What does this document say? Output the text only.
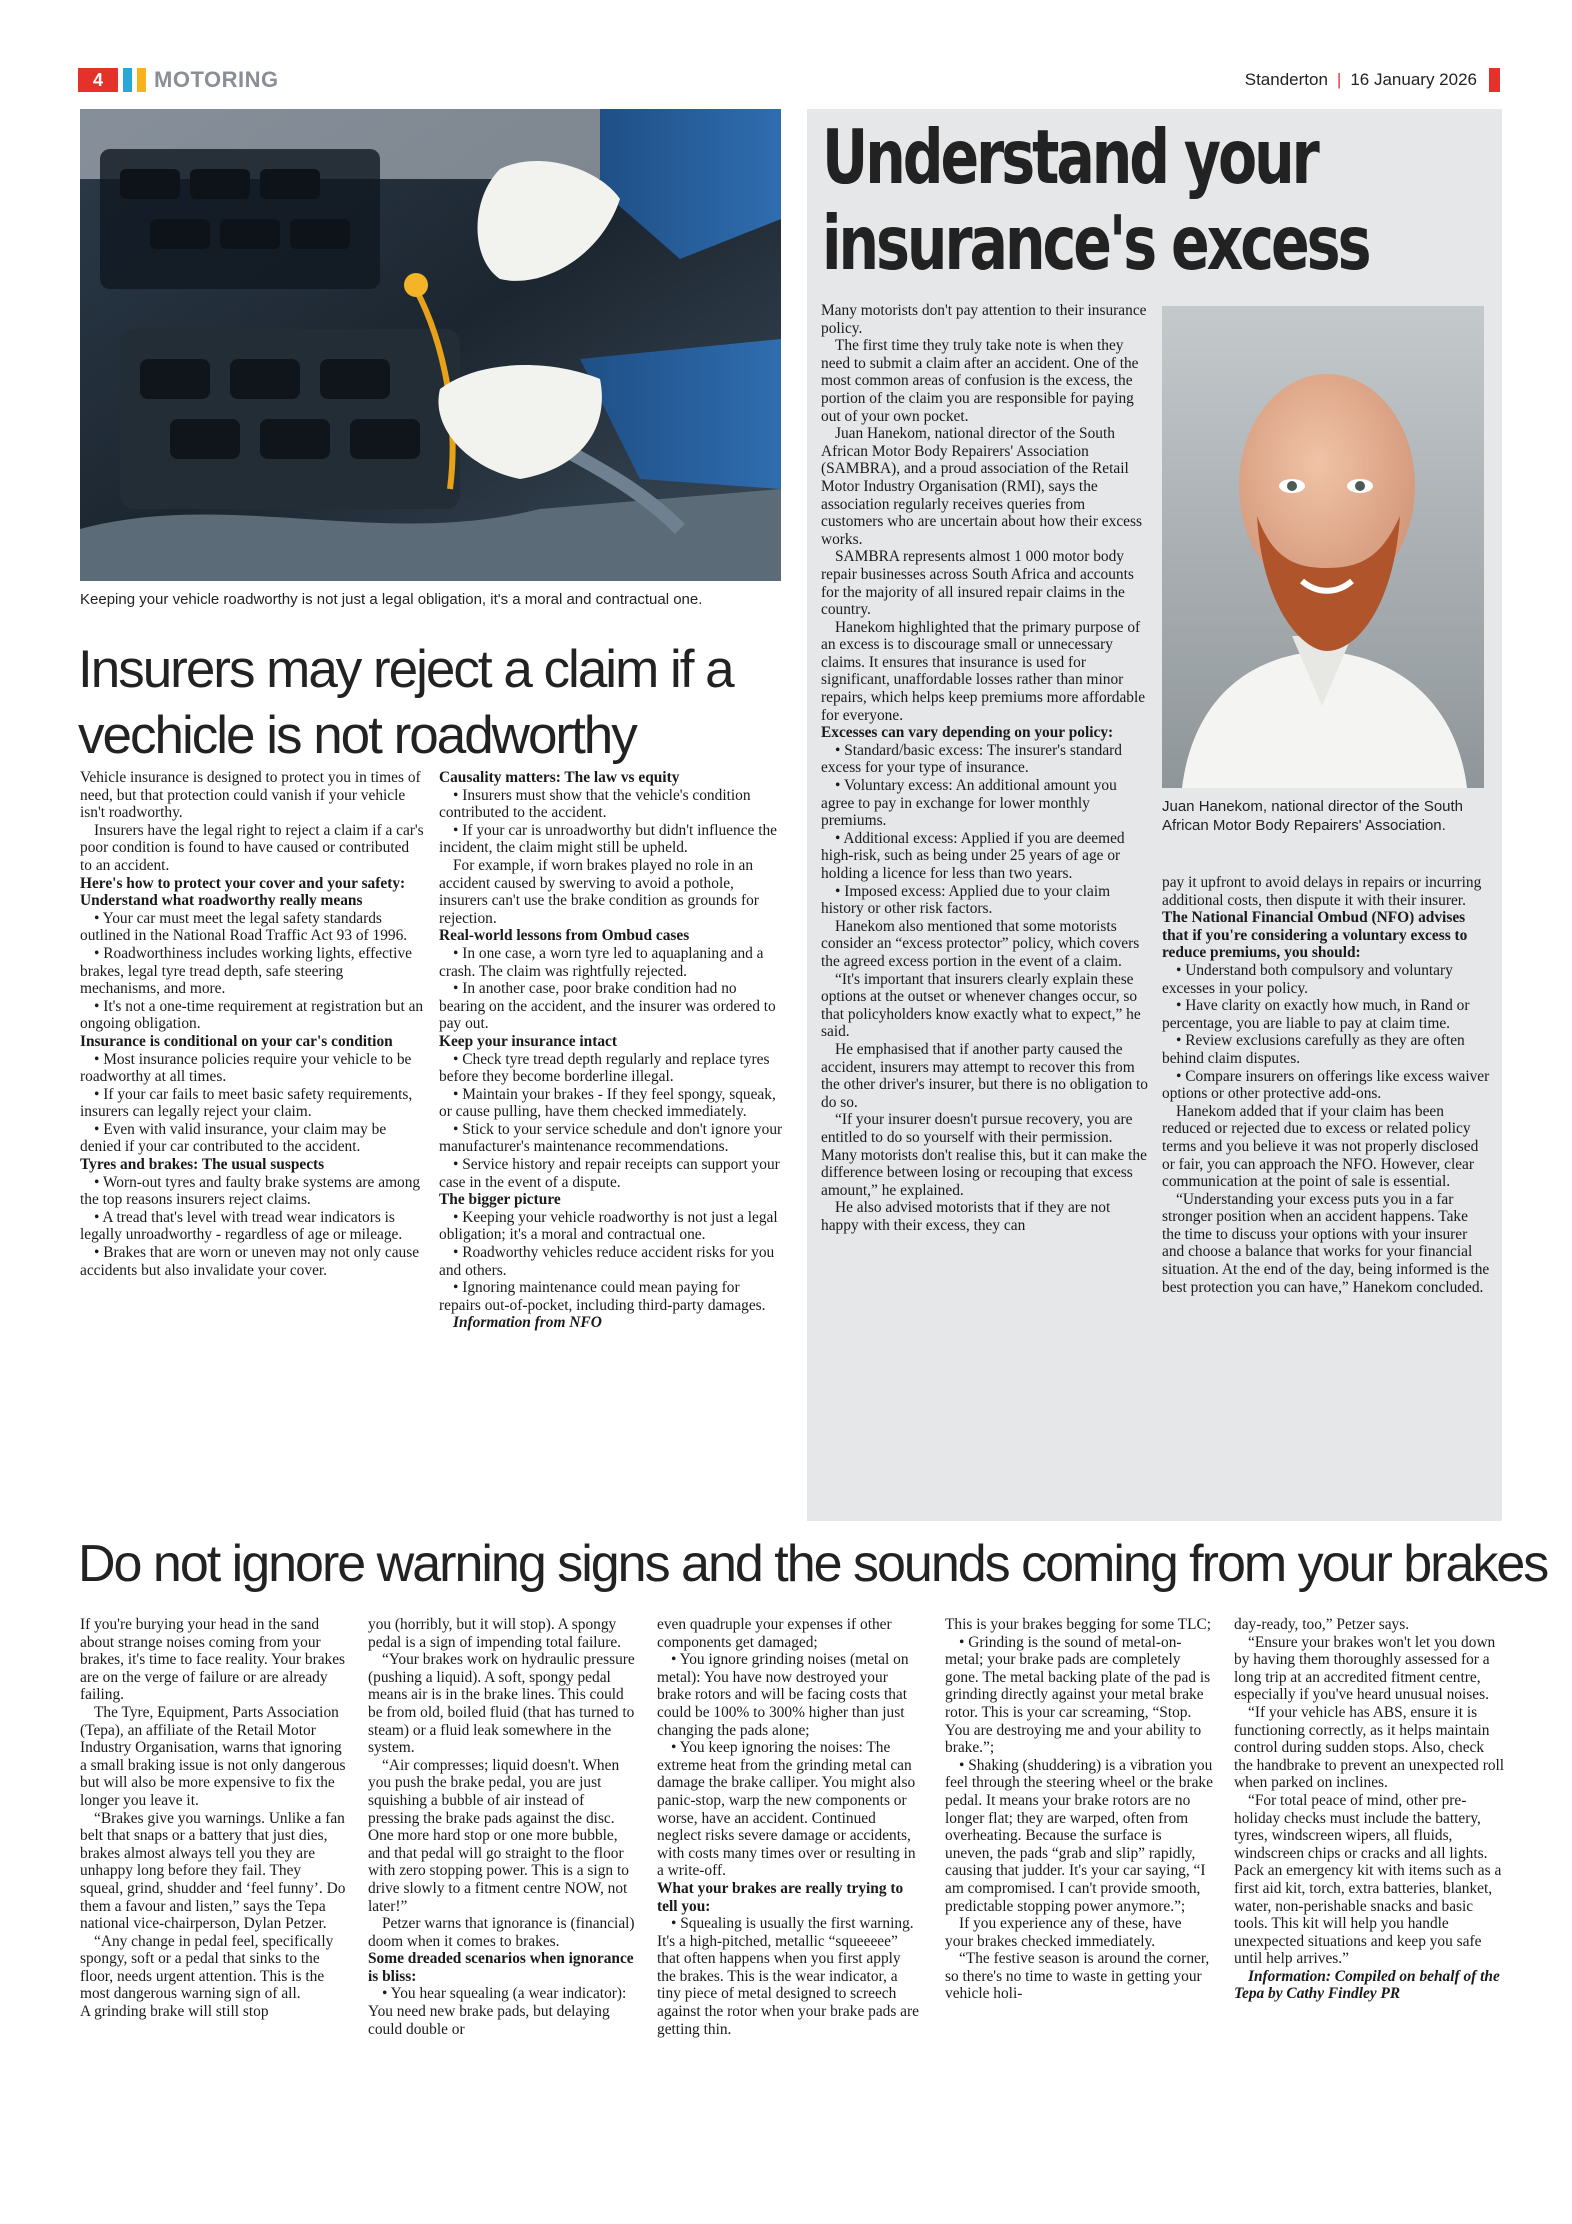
4	MOTORING	Standerton | 16 January 2026
Keeping your vehicle roadworthy is not just a legal obligation, it's a moral and contractual one.
Insurers may reject a claim if a
vechicle is not roadworthy

Vehicle insurance is designed to protect you in times of need, but that protection could vanish if your vehicle isn't roadworthy.

Insurers have the legal right to reject a claim if a car's poor condition is found to have caused or contributed to an accident.

Here's how to protect your cover and your safety:

Understand what roadworthy really means

• Your car must meet the legal safety standards outlined in the National Road Traffic Act 93 of 1996.

• Roadworthiness includes working lights, effective brakes, legal tyre tread depth, safe steering mechanisms, and more.

• It's not a one-time requirement at registration but an ongoing obligation.

Insurance is conditional on your car's condition

• Most insurance policies require your vehicle to be roadworthy at all times.

• If your car fails to meet basic safety requirements, insurers can legally reject your claim.

• Even with valid insurance, your claim may be denied if your car contributed to the accident.

Tyres and brakes: The usual suspects

• Worn-out tyres and faulty brake systems are among the top reasons insurers reject claims.

• A tread that's level with tread wear indicators is legally unroadworthy - regardless of age or mileage.

• Brakes that are worn or uneven may not only cause accidents but also invalidate your cover.

Causality matters: The law vs equity

• Insurers must show that the vehicle's condition contributed to the accident.

• If your car is unroadworthy but didn't influence the incident, the claim might still be upheld.

For example, if worn brakes played no role in an accident caused by swerving to avoid a pothole, insurers can't use the brake condition as grounds for rejection.

Real-world lessons from Ombud cases

• In one case, a worn tyre led to aquaplaning and a crash. The claim was rightfully rejected.

• In another case, poor brake condition had no bearing on the accident, and the insurer was ordered to pay out.

Keep your insurance intact

• Check tyre tread depth regularly and replace tyres before they become borderline illegal.

• Maintain your brakes - If they feel spongy, squeak, or cause pulling, have them checked immediately.

• Stick to your service schedule and don't ignore your manufacturer's maintenance recommendations.

• Service history and repair receipts can support your case in the event of a dispute.

The bigger picture

• Keeping your vehicle roadworthy is not just a legal obligation; it's a moral and contractual one.

• Roadworthy vehicles reduce accident risks for you and others.

• Ignoring maintenance could mean paying for repairs out-of-pocket, including third-party damages.

Information from NFO

Understand your
insurance's excess
Juan Hanekom, national director of the South African Motor Body Repairers' Association.

Many motorists don't pay attention to their insurance policy.

The first time they truly take note is when they need to submit a claim after an accident. One of the most common areas of confusion is the excess, the portion of the claim you are responsible for paying out of your own pocket.

Juan Hanekom, national director of the South African Motor Body Repairers' Association (SAMBRA), and a proud association of the Retail Motor Industry Organisation (RMI), says the association regularly receives queries from customers who are uncertain about how their excess works.

SAMBRA represents almost 1 000 motor body repair businesses across South Africa and accounts for the majority of all insured repair claims in the country.

Hanekom highlighted that the primary purpose of an excess is to discourage small or unnecessary claims. It ensures that insurance is used for significant, unaffordable losses rather than minor repairs, which helps keep premiums more affordable for everyone.

Excesses can vary depending on your policy:

• Standard/basic excess: The insurer's standard excess for your type of insurance.

• Voluntary excess: An additional amount you agree to pay in exchange for lower monthly premiums.

• Additional excess: Applied if you are deemed high-risk, such as being under 25 years of age or holding a licence for less than two years.

• Imposed excess: Applied due to your claim history or other risk factors.

Hanekom also mentioned that some motorists consider an “excess protector” policy, which covers the agreed excess portion in the event of a claim.

“It's important that insurers clearly explain these options at the outset or whenever changes occur, so that policyholders know exactly what to expect,” he said.

He emphasised that if another party caused the accident, insurers may attempt to recover this from the other driver's insurer, but there is no obligation to do so.

“If your insurer doesn't pursue recovery, you are entitled to do so yourself with their permission. Many motorists don't realise this, but it can make the difference between losing or recouping that excess amount,” he explained.

He also advised motorists that if they are not happy with their excess, they can

pay it upfront to avoid delays in repairs or incurring additional costs, then dispute it with their insurer.

The National Financial Ombud (NFO) advises that if you're considering a voluntary excess to reduce premiums, you should:

• Understand both compulsory and voluntary excesses in your policy.

• Have clarity on exactly how much, in Rand or percentage, you are liable to pay at claim time.

• Review exclusions carefully as they are often behind claim disputes.

• Compare insurers on offerings like excess waiver options or other protective add-ons.

Hanekom added that if your claim has been reduced or rejected due to excess or related policy terms and you believe it was not properly disclosed or fair, you can approach the NFO. However, clear communication at the point of sale is essential.

“Understanding your excess puts you in a far stronger position when an accident happens. Take the time to discuss your options with your insurer and choose a balance that works for your financial situation. At the end of the day, being informed is the best protection you can have,” Hanekom concluded.

Do not ignore warning signs and the sounds coming from your brakes

If you're burying your head in the sand about strange noises coming from your brakes, it's time to face reality. Your brakes are on the verge of failure or are already failing.

The Tyre, Equipment, Parts Association (Tepa), an affiliate of the Retail Motor Industry Organisation, warns that ignoring a small braking issue is not only dangerous but will also be more expensive to fix the longer you leave it.

“Brakes give you warnings. Unlike a fan belt that snaps or a battery that just dies, brakes almost always tell you they are unhappy long before they fail. They squeal, grind, shudder and ‘feel funny’. Do them a favour and listen,” says the Tepa national vice-chairperson, Dylan Petzer.

“Any change in pedal feel, specifically spongy, soft or a pedal that sinks to the floor, needs urgent attention. This is the most dangerous warning sign of all.

A grinding brake will still stop

you (horribly, but it will stop). A spongy pedal is a sign of impending total failure.

“Your brakes work on hydraulic pressure (pushing a liquid). A soft, spongy pedal means air is in the brake lines. This could be from old, boiled fluid (that has turned to steam) or a fluid leak somewhere in the system.

“Air compresses; liquid doesn't. When you push the brake pedal, you are just squishing a bubble of air instead of pressing the brake pads against the disc. One more hard stop or one more bubble, and that pedal will go straight to the floor with zero stopping power. This is a sign to drive slowly to a fitment centre NOW, not later!”

Petzer warns that ignorance is (financial) doom when it comes to brakes.

Some dreaded scenarios when ignorance is bliss:

• You hear squealing (a wear indicator): You need new brake pads, but delaying could double or

even quadruple your expenses if other components get damaged;

• You ignore grinding noises (metal on metal): You have now destroyed your brake rotors and will be facing costs that could be 100% to 300% higher than just changing the pads alone;

• You keep ignoring the noises: The extreme heat from the grinding metal can damage the brake calliper. You might also panic-stop, warp the new components or worse, have an accident. Continued neglect risks severe damage or accidents, with costs many times over or resulting in a write-off.

What your brakes are really trying to tell you:

• Squealing is usually the first warning. It's a high-pitched, metallic “squeeeee” that often happens when you first apply the brakes. This is the wear indicator, a tiny piece of metal designed to screech against the rotor when your brake pads are getting thin.

This is your brakes begging for some TLC;

• Grinding is the sound of metal-on-metal; your brake pads are completely gone. The metal backing plate of the pad is grinding directly against your metal brake rotor. This is your car screaming, “Stop. You are destroying me and your ability to brake.”;

• Shaking (shuddering) is a vibration you feel through the steering wheel or the brake pedal. It means your brake rotors are no longer flat; they are warped, often from overheating. Because the surface is uneven, the pads “grab and slip” rapidly, causing that judder. It's your car saying, “I am compromised. I can't provide smooth, predictable stopping power anymore.”;

If you experience any of these, have your brakes checked immediately.

“The festive season is around the corner, so there's no time to waste in getting your vehicle holi-

day-ready, too,” Petzer says.

“Ensure your brakes won't let you down by having them thoroughly assessed for a long trip at an accredited fitment centre, especially if you've heard unusual noises.

“If your vehicle has ABS, ensure it is functioning correctly, as it helps maintain control during sudden stops. Also, check the handbrake to prevent an unexpected roll when parked on inclines.

“For total peace of mind, other pre-holiday checks must include the battery, tyres, windscreen wipers, all fluids, windscreen chips or cracks and all lights. Pack an emergency kit with items such as a first aid kit, torch, extra batteries, blanket, water, non-perishable snacks and basic tools. This kit will help you handle unexpected situations and keep you safe until help arrives.”

Information: Compiled on behalf of the Tepa by Cathy Findley PR
